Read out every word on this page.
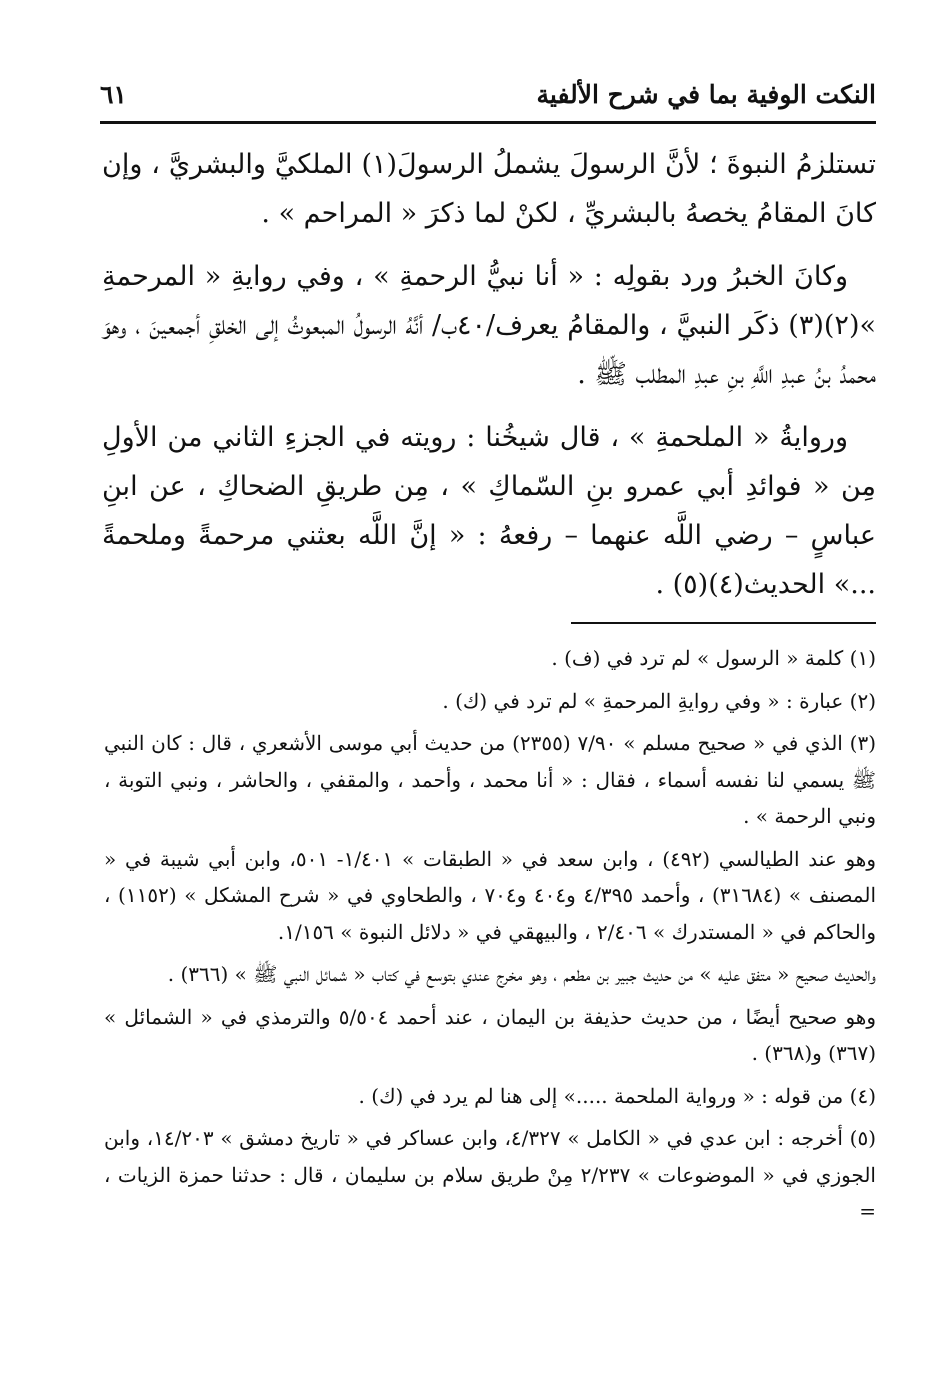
النكت الوفية بما في شرح الألفية
٦١

تستلزمُ النبوةَ ؛ لأنَّ الرسولَ يشملُ الرسولَ(١) الملكيَّ والبشريَّ ، وإن كانَ المقامُ يخصهُ بالبشريِّ ، لكنْ لما ذكرَ « المراحم » .

وكانَ الخبرُ ورد بقولِه : « أنا نبيُّ الرحمةِ » ، وفي روايةِ « المرحمةِ »(٢)(٣) ذكَر النبيَّ ، والمقامُ يعرف/٤٠ب/ أنَّهُ الرسولُ المبعوثُ إلى الخلقِ أجمعينَ ، وهوَ محمدُ بنُ عبدِ اللَّهِ بنِ عبدِ المطلب ﷺ .

وروايةُ « الملحمةِ » ، قال شيخُنا : رويته في الجزءِ الثاني من الأولِ مِن « فوائدِ أبي عمرو بنِ السّماكِ » ، مِن طريقِ الضحاكِ ، عن ابنِ عباسٍ – رضي اللَّه عنهما – رفعهُ : « إنَّ اللَّه بعثني مرحمةً وملحمةً ...» الحديث(٤)(٥) .

(١) كلمة « الرسول » لم ترد في (ف) .

(٢) عبارة : « وفي روايةِ المرحمةِ » لم ترد في (ك) .

(٣) الذي في « صحيح مسلم » ٧/٩٠ (٢٣٥٥) من حديث أبي موسى الأشعري ، قال : كان النبي ﷺ يسمي لنا نفسه أسماء ، فقال : « أنا محمد ، وأحمد ، والمقفي ، والحاشر ، ونبي التوبة ، ونبي الرحمة » .

وهو عند الطيالسي (٤٩٢) ، وابن سعد في « الطبقات » ١/٤٠١- ٥٠١، وابن أبي شيبة في « المصنف » (٣١٦٨٤) ، وأحمد ٤/٣٩٥ و٤٠٤ و٧٠٤ ، والطحاوي في « شرح المشكل » (١١٥٢) ، والحاكم في « المستدرك » ٢/٤٠٦ ، والبيهقي في « دلائل النبوة » ١/١٥٦.

والحديث صحيح « متفق عليه » من حديث جبير بن مطعم ، وهو مخرج عندي بتوسع في كتاب « شمائل النبي ﷺ » (٣٦٦) .

وهو صحيح أيضًا ، من حديث حذيفة بن اليمان ، عند أحمد ٥/٥٠٤ والترمذي في « الشمائل » (٣٦٧) و(٣٦٨) .

(٤) من قوله : « ورواية الملحمة .....» إلى هنا لم يرد في (ك) .

(٥) أخرجه : ابن عدي في « الكامل » ٤/٣٢٧، وابن عساكر في « تاريخ دمشق » ١٤/٢٠٣، وابن الجوزي في « الموضوعات » ٢/٢٣٧ مِنْ طريق سلام بن سليمان ، قال : حدثنا حمزة الزيات ، =
